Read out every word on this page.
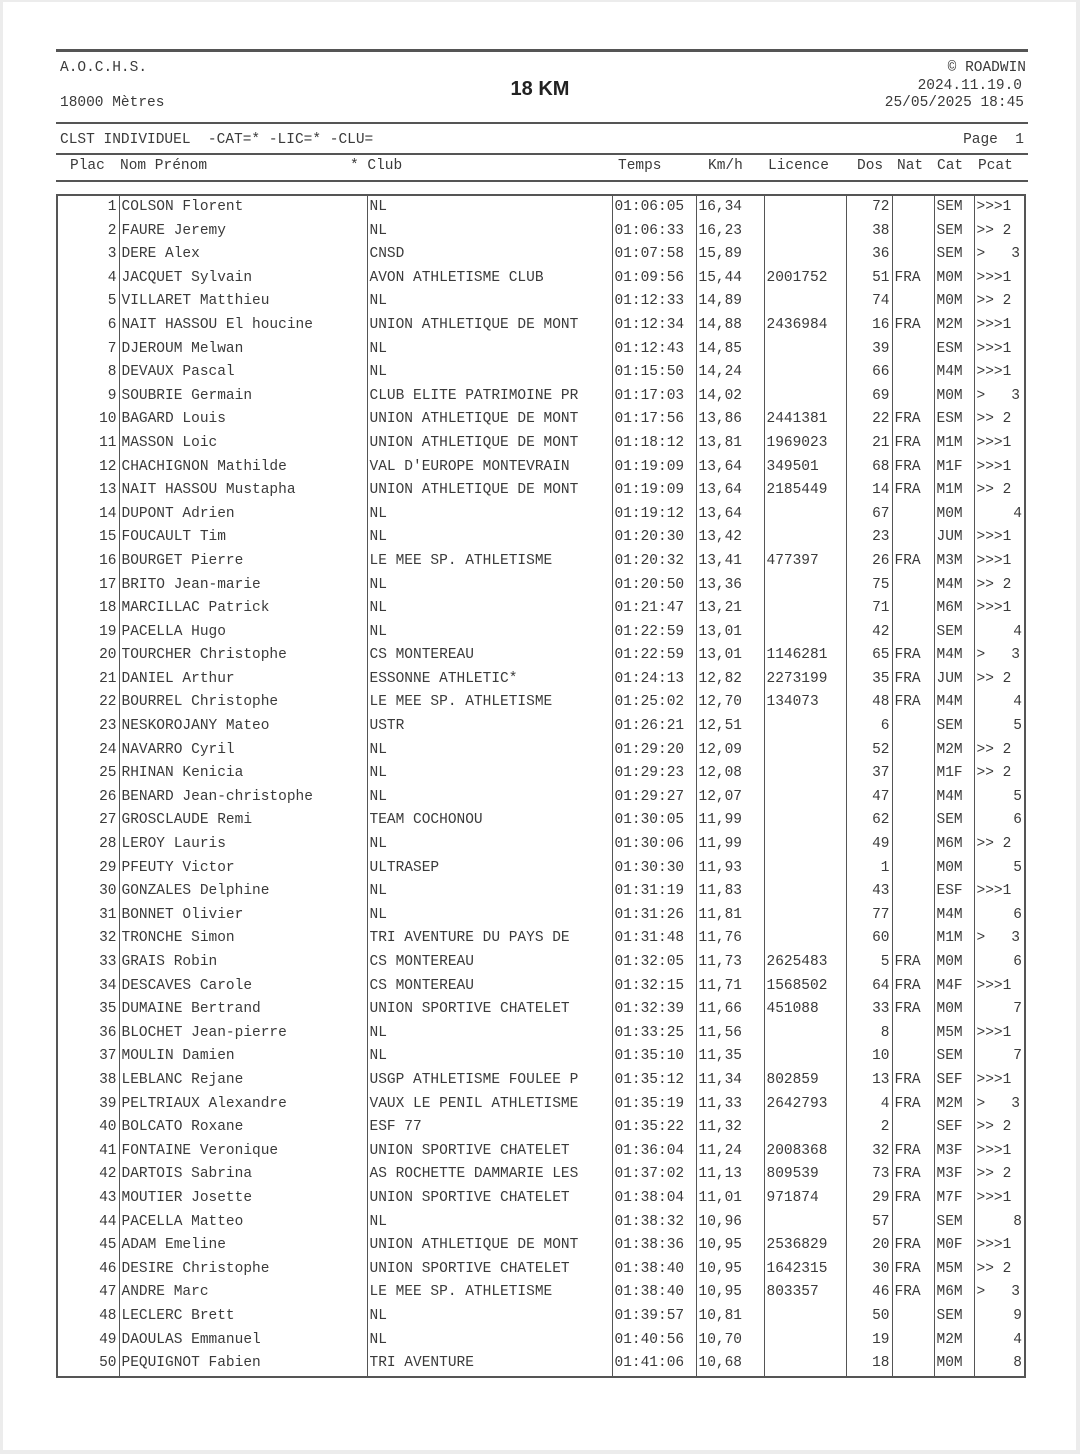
A.O.C.H.S.
18000 Mètres
18 KM
© ROADWIN
2024.11.19.0
25/05/2025 18:45
CLST INDIVIDUEL  -CAT=* -LIC=* -CLU=	Page  1
Plac Nom Prénom	* Club	Temps	Km/h Licence Dos Nat Cat Pcat
1	COLSON Florent	NL	01:06:05	16,34		72		SEM	>>>1
2	FAURE Jeremy	NL	01:06:33	16,23		38		SEM	>> 2
3	DERE Alex	CNSD	01:07:58	15,89		36		SEM	>   3
4	JACQUET Sylvain	AVON ATHLETISME CLUB	01:09:56	15,44	2001752	51	FRA	M0M	>>>1
5	VILLARET Matthieu	NL	01:12:33	14,89		74		M0M	>> 2
6	NAIT HASSOU El houcine	UNION ATHLETIQUE DE MONT	01:12:34	14,88	2436984	16	FRA	M2M	>>>1
7	DJEROUM Melwan	NL	01:12:43	14,85		39		ESM	>>>1
8	DEVAUX Pascal	NL	01:15:50	14,24		66		M4M	>>>1
9	SOUBRIE Germain	CLUB ELITE PATRIMOINE PR	01:17:03	14,02		69		M0M	>   3
10	BAGARD Louis	UNION ATHLETIQUE DE MONT	01:17:56	13,86	2441381	22	FRA	ESM	>> 2
11	MASSON Loic	UNION ATHLETIQUE DE MONT	01:18:12	13,81	1969023	21	FRA	M1M	>>>1
12	CHACHIGNON Mathilde	VAL D'EUROPE MONTEVRAIN	01:19:09	13,64	349501	68	FRA	M1F	>>>1
13	NAIT HASSOU Mustapha	UNION ATHLETIQUE DE MONT	01:19:09	13,64	2185449	14	FRA	M1M	>> 2
14	DUPONT Adrien	NL	01:19:12	13,64		67		M0M	4
15	FOUCAULT Tim	NL	01:20:30	13,42		23		JUM	>>>1
16	BOURGET Pierre	LE MEE SP. ATHLETISME	01:20:32	13,41	477397	26	FRA	M3M	>>>1
17	BRITO Jean-marie	NL	01:20:50	13,36		75		M4M	>> 2
18	MARCILLAC Patrick	NL	01:21:47	13,21		71		M6M	>>>1
19	PACELLA Hugo	NL	01:22:59	13,01		42		SEM	4
20	TOURCHER Christophe	CS MONTEREAU	01:22:59	13,01	1146281	65	FRA	M4M	>   3
21	DANIEL Arthur	ESSONNE ATHLETIC*	01:24:13	12,82	2273199	35	FRA	JUM	>> 2
22	BOURREL Christophe	LE MEE SP. ATHLETISME	01:25:02	12,70	134073	48	FRA	M4M	4
23	NESKOROJANY Mateo	USTR	01:26:21	12,51		6		SEM	5
24	NAVARRO Cyril	NL	01:29:20	12,09		52		M2M	>> 2
25	RHINAN Kenicia	NL	01:29:23	12,08		37		M1F	>> 2
26	BENARD Jean-christophe	NL	01:29:27	12,07		47		M4M	5
27	GROSCLAUDE Remi	TEAM COCHONOU	01:30:05	11,99		62		SEM	6
28	LEROY Lauris	NL	01:30:06	11,99		49		M6M	>> 2
29	PFEUTY Victor	ULTRASEP	01:30:30	11,93		1		M0M	5
30	GONZALES Delphine	NL	01:31:19	11,83		43		ESF	>>>1
31	BONNET Olivier	NL	01:31:26	11,81		77		M4M	6
32	TRONCHE Simon	TRI AVENTURE DU PAYS DE	01:31:48	11,76		60		M1M	>   3
33	GRAIS Robin	CS MONTEREAU	01:32:05	11,73	2625483	5	FRA	M0M	6
34	DESCAVES Carole	CS MONTEREAU	01:32:15	11,71	1568502	64	FRA	M4F	>>>1
35	DUMAINE Bertrand	UNION SPORTIVE CHATELET	01:32:39	11,66	451088	33	FRA	M0M	7
36	BLOCHET Jean-pierre	NL	01:33:25	11,56		8		M5M	>>>1
37	MOULIN Damien	NL	01:35:10	11,35		10		SEM	7
38	LEBLANC Rejane	USGP ATHLETISME FOULEE P	01:35:12	11,34	802859	13	FRA	SEF	>>>1
39	PELTRIAUX Alexandre	VAUX LE PENIL ATHLETISME	01:35:19	11,33	2642793	4	FRA	M2M	>   3
40	BOLCATO Roxane	ESF 77	01:35:22	11,32		2		SEF	>> 2
41	FONTAINE Veronique	UNION SPORTIVE CHATELET	01:36:04	11,24	2008368	32	FRA	M3F	>>>1
42	DARTOIS Sabrina	AS ROCHETTE DAMMARIE LES	01:37:02	11,13	809539	73	FRA	M3F	>> 2
43	MOUTIER Josette	UNION SPORTIVE CHATELET	01:38:04	11,01	971874	29	FRA	M7F	>>>1
44	PACELLA Matteo	NL	01:38:32	10,96		57		SEM	8
45	ADAM Emeline	UNION ATHLETIQUE DE MONT	01:38:36	10,95	2536829	20	FRA	M0F	>>>1
46	DESIRE Christophe	UNION SPORTIVE CHATELET	01:38:40	10,95	1642315	30	FRA	M5M	>> 2
47	ANDRE Marc	LE MEE SP. ATHLETISME	01:38:40	10,95	803357	46	FRA	M6M	>   3
48	LECLERC Brett	NL	01:39:57	10,81		50		SEM	9
49	DAOULAS Emmanuel	NL	01:40:56	10,70		19		M2M	4
50	PEQUIGNOT Fabien	TRI AVENTURE	01:41:06	10,68		18		M0M	8
